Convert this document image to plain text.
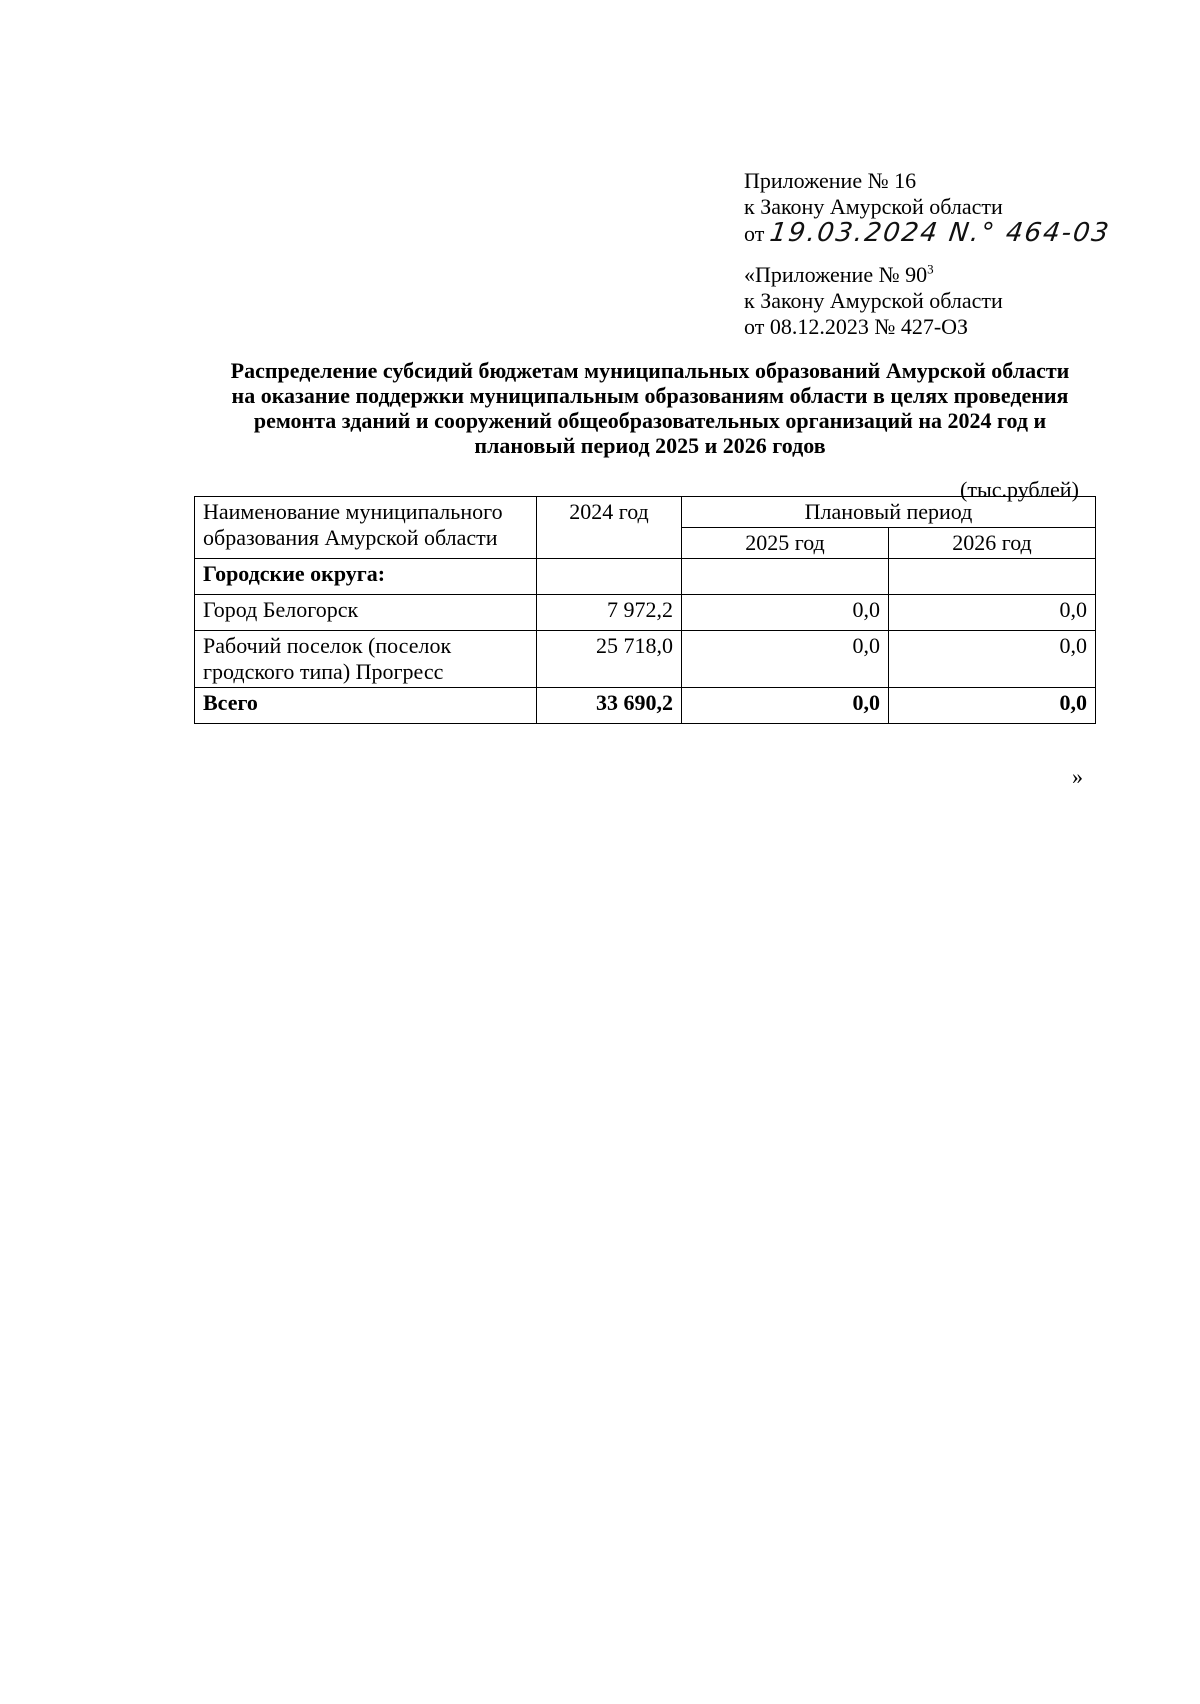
Приложение № 16
к Закону Амурской области
от 19.03.2024 N.° 464-03
«Приложение № $90^3$
к Закону Амурской области
от 08.12.2023 № 427-ОЗ
Распределение субсидий бюджетам муниципальных образований Амурской области
на оказание поддержки муниципальным образованиям области в целях проведения
ремонта зданий и сооружений общеобразовательных организаций на 2024 год и
плановый период 2025 и 2026 годов
(тыс.рублей)
Наименование муниципального образования Амурской области	2024 год	Плановый период	
		2025 год	2026 год
Городские округа:			
Город Белогорск	7 972,2	0,0	0,0
Рабочий поселок (поселок гродского типа) Прогресс	25 718,0	0,0	0,0
Всего	33 690,2	0,0	0,0
»
